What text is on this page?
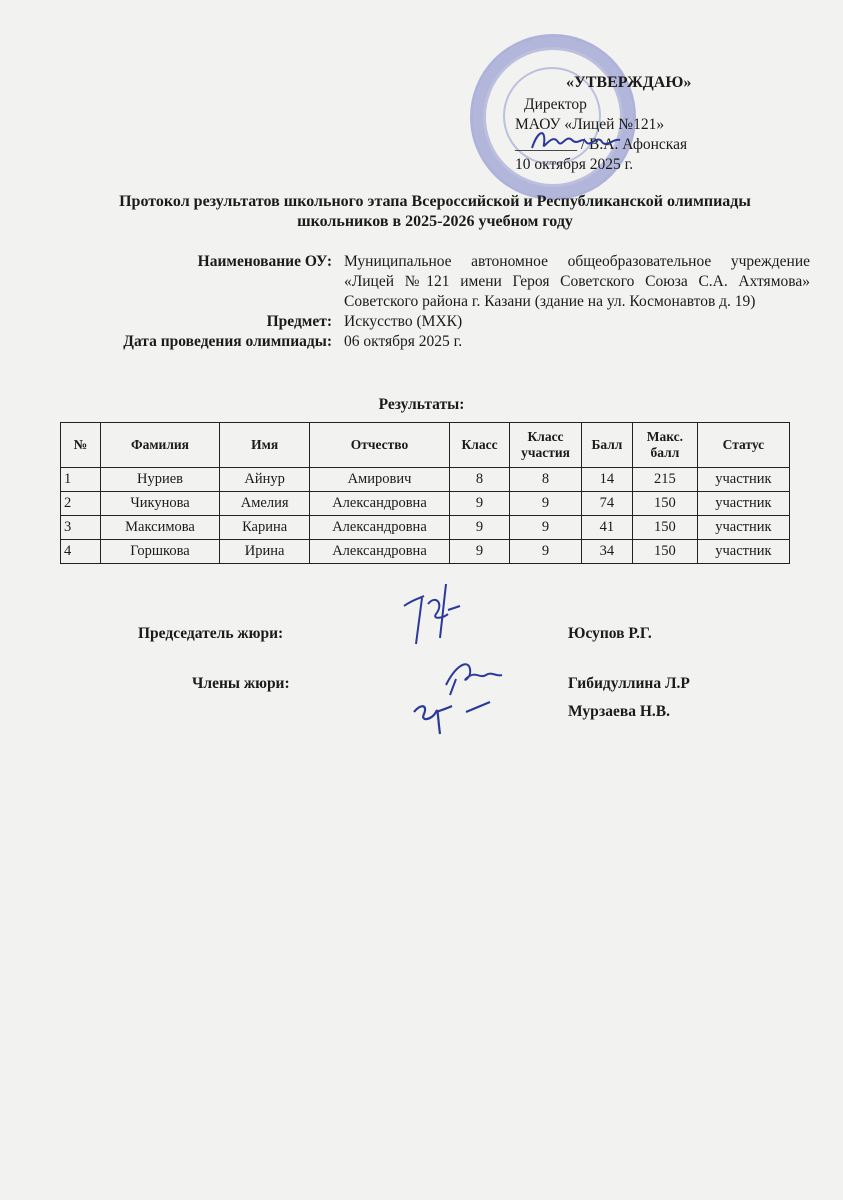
«УТВЕРЖДАЮ»
Директор
МАОУ «Лицей №121»
________ / В.А. Афонская
10 октября 2025 г.
Протокол результатов школьного этапа Всероссийской и Республиканской олимпиады
школьников в 2025-2026 учебном году
Наименование ОУ: Муниципальное автономное общеобразовательное учреждение «Лицей №121 имени Героя Советского Союза С.А. Ахтямова» Советского района г. Казани (здание на ул. Космонавтов д. 19)
Предмет: Искусство (МХК)
Дата проведения олимпиады: 06 октября 2025 г.
Результаты:
№	Фамилия	Имя	Отчество	Класс	Класс участия	Балл	Макс. балл	Статус
1	Нуриев	Айнур	Амирович	8	8	14	215	участник
2	Чикунова	Амелия	Александровна	9	9	74	150	участник
3	Максимова	Карина	Александровна	9	9	41	150	участник
4	Горшкова	Ирина	Александровна	9	9	34	150	участник
Председатель жюри:	Юсупов Р.Г.
Члены жюри:	Гибидуллина Л.Р
Мурзаева Н.В.
